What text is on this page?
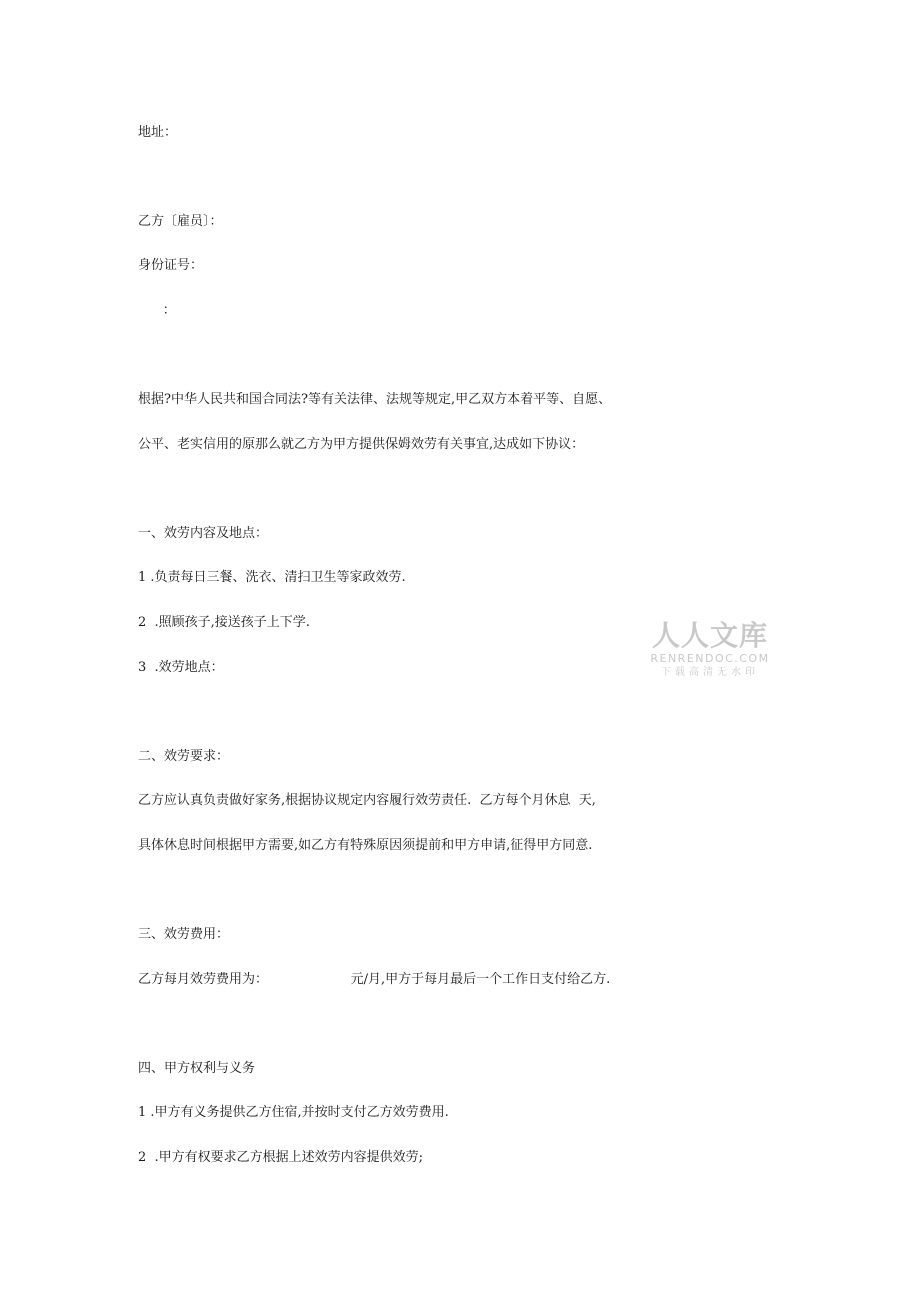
地址：
乙方〔雇员〕：
身份证号：
：
根据?中华人民共和国合同法?等有关法律、法规等规定,甲乙双方本着平等、自愿、
公平、老实信用的原那么就乙方为甲方提供保姆效劳有关事宜,达成如下协议：
一、效劳内容及地点：
1 .负责每日三餐、洗衣、清扫卫生等家政效劳.
2  .照顾孩子,接送孩子上下学.
3  .效劳地点：
二、效劳要求：
乙方应认真负责做好家务,根据协议规定内容履行效劳责任.  乙方每个月休息  天,
具体休息时间根据甲方需要,如乙方有特殊原因须提前和甲方申请,征得甲方同意.
三、效劳费用：
乙方每月效劳费用为：                    元/月,甲方于每月最后一个工作日支付给乙方.
四、甲方权利与义务
1 .甲方有义务提供乙方住宿,并按时支付乙方效劳费用.
2  .甲方有权要求乙方根据上述效劳内容提供效劳;
人人文库
RENRENDOC.COM
下载高清无水印
